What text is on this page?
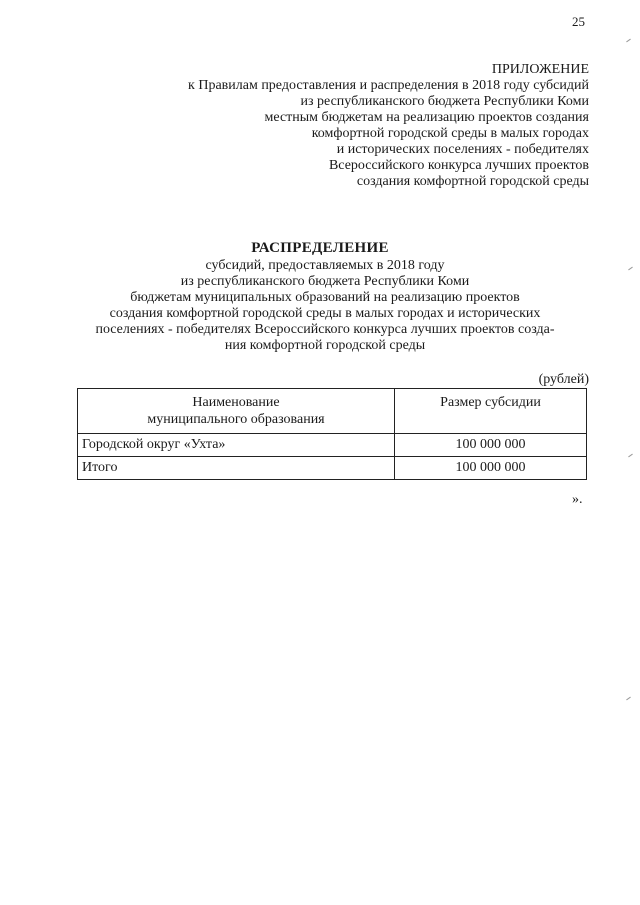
25
ПРИЛОЖЕНИЕ
к Правилам предоставления и распределения в 2018 году субсидий
из республиканского бюджета Республики Коми
местным бюджетам на реализацию проектов создания
комфортной городской среды в малых городах
и исторических поселениях - победителях
Всероссийского конкурса лучших проектов
создания комфортной городской среды
РАСПРЕДЕЛЕНИЕ
субсидий, предоставляемых в 2018 году
из республиканского бюджета Республики Коми
бюджетам муниципальных образований на реализацию проектов
создания комфортной городской среды в малых городах и исторических
поселениях - победителях Всероссийского конкурса лучших проектов созда-
ния комфортной городской среды
(рублей)
Наименование
муниципального образования	Размер субсидии
Городской округ «Ухта»	100 000 000
Итого	100 000 000
».
